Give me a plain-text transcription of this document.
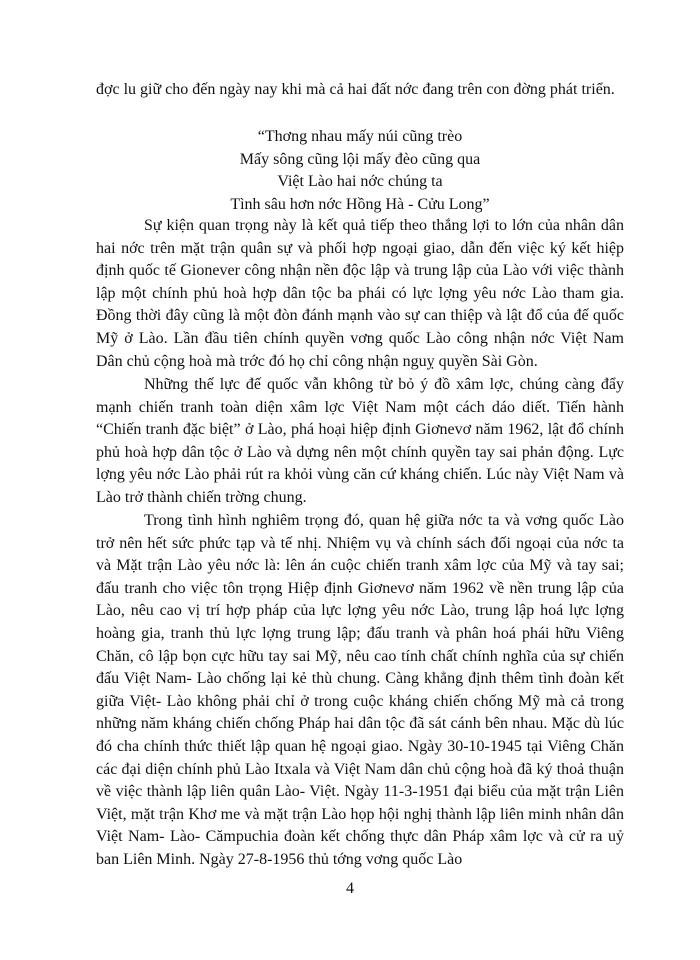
đợc lu giữ cho đến ngày nay khi mà cả hai đất nớc đang trên con đờng phát triển.

“Thơng nhau mấy núi cũng trèo

Mấy sông cũng lội mấy đèo cũng qua

Việt Lào hai nớc chúng ta

Tình sâu hơn nớc Hồng Hà - Cửu Long”

Sự kiện quan trọng này là kết quả tiếp theo thắng lợi to lớn của nhân dân hai nớc trên mặt trận quân sự và phối hợp ngoại giao, dẫn đến việc ký kết hiệp định quốc tế Gionever công nhận nền độc lập và trung lập của Lào với việc thành lập một chính phủ hoà hợp dân tộc ba phái có lực lợng yêu nớc Lào tham gia. Đồng thời đây cũng là một đòn đánh mạnh vào sự can thiệp và lật đổ của đế quốc Mỹ ở Lào. Lần đầu tiên chính quyền vơng quốc Lào công nhận nớc Việt Nam Dân chủ cộng hoà mà trớc đó họ chỉ công nhận nguỵ quyền Sài Gòn.

Những thế lực đế quốc vẫn không từ bỏ ý đồ xâm lợc, chúng càng đẩy mạnh chiến tranh toàn diện xâm lợc Việt Nam một cách dáo diết. Tiến hành “Chiến tranh đặc biệt” ở Lào, phá hoại hiệp định Giơnevơ năm 1962, lật đổ chính phủ hoà hợp dân tộc ở Lào và dựng nên một chính quyền tay sai phản động. Lực lợng yêu nớc Lào phải rút ra khỏi vùng căn cứ kháng chiến. Lúc này Việt Nam và Lào trở thành chiến trờng chung.

Trong tình hình nghiêm trọng đó, quan hệ giữa nớc ta và vơng quốc Lào trở nên hết sức phức tạp và tế nhị. Nhiệm vụ và chính sách đối ngoại của nớc ta và Mặt trận Lào yêu nớc là: lên án cuộc chiến tranh xâm lợc của Mỹ và tay sai; đấu tranh cho việc tôn trọng Hiệp định Giơnevơ năm 1962 về nền trung lập của Lào, nêu cao vị trí hợp pháp của lực lợng yêu nớc Lào, trung lập hoá lực lợng hoàng gia, tranh thủ lực lợng trung lập; đấu tranh và phân hoá phái hữu Viêng Chăn, cô lập bọn cực hữu tay sai Mỹ, nêu cao tính chất chính nghĩa của sự chiến đấu Việt Nam- Lào chống lại kẻ thù chung. Càng khẳng định thêm tình đoàn kết giữa Việt- Lào không phải chỉ ở trong cuộc kháng chiến chống Mỹ mà cả trong những năm kháng chiến chống Pháp hai dân tộc đã sát cánh bên nhau. Mặc dù lúc đó cha chính thức thiết lập quan hệ ngoại giao. Ngày 30-10-1945 tại Viêng Chăn các đại diện chính phủ Lào Itxala và Việt Nam dân chủ cộng hoà đã ký thoả thuận về việc thành lập liên quân Lào- Việt. Ngày 11-3-1951 đại biểu của mặt trận Liên Việt, mặt trận Khơ me và mặt trận Lào họp hội nghị thành lập liên minh nhân dân Việt Nam- Lào- Cămpuchia đoàn kết chống thực dân Pháp xâm lợc và cử ra uỷ ban Liên Minh. Ngày 27-8-1956 thủ tớng vơng quốc Lào

4
